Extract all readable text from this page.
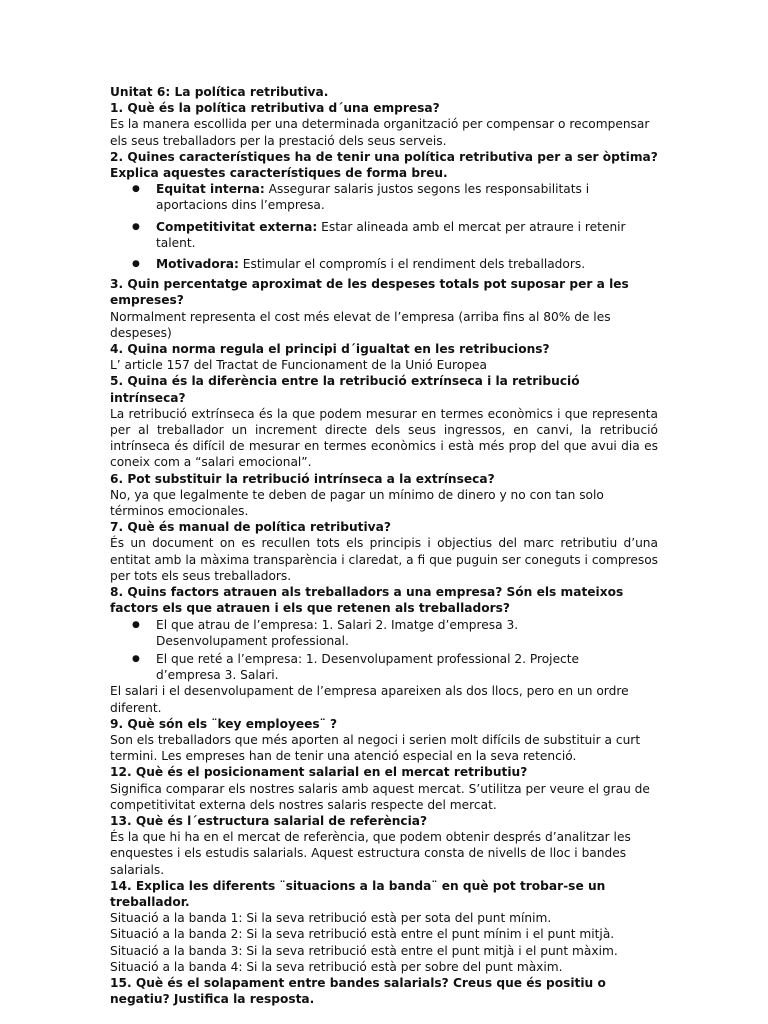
Unitat 6: La política retributiva.

1. Què és la política retributiva d´una empresa?

Es la manera escollida per una determinada organització per compensar o recompensar els seus treballadors per la prestació dels seus serveis.

2. Quines característiques ha de tenir una política retributiva per a ser òptima? Explica aquestes característiques de forma breu.

● Equitat interna: Assegurar salaris justos segons les responsabilitats i aportacions dins l’empresa.
● Competitivitat externa: Estar alineada amb el mercat per atraure i retenir talent.
● Motivadora: Estimular el compromís i el rendiment dels treballadors.

3. Quin percentatge aproximat de les despeses totals pot suposar per a les empreses?

Normalment representa el cost més elevat de l’empresa (arriba fins al 80% de les despeses)

4. Quina norma regula el principi d´igualtat en les retribucions?

L’ article 157 del Tractat de Funcionament de la Unió Europea

5. Quina és la diferència entre la retribució extrínseca i la retribució intrínseca?

La retribució extrínseca és la que podem mesurar en termes econòmics i que representa per al treballador un increment directe dels seus ingressos, en canvi, la retribució intrínseca és difícil de mesurar en termes econòmics i està més prop del que avui dia es coneix com a “salari emocional”.

6. Pot substituir la retribució intrínseca a la extrínseca?

No, ya que legalmente te deben de pagar un mínimo de dinero y no con tan solo términos emocionales.

7. Què és manual de política retributiva?

És un document on es recullen tots els principis i objectius del marc retributiu d’una entitat amb la màxima transparència i claredat, a fi que puguin ser coneguts i compresos per tots els seus treballadors.

8. Quins factors atrauen als treballadors a una empresa? Són els mateixos factors els que atrauen i els que retenen als treballadors?

● El que atrau de l’empresa: 1. Salari 2. Imatge d’empresa 3. Desenvolupament professional.
● El que reté a l’empresa: 1. Desenvolupament professional 2. Projecte d’empresa 3. Salari.

El salari i el desenvolupament de l’empresa apareixen als dos llocs, pero en un ordre diferent.

9. Què són els ¨key employees¨ ?

Son els treballadors que més aporten al negoci i serien molt difícils de substituir a curt termini. Les empreses han de tenir una atenció especial en la seva retenció.

12. Què és el posicionament salarial en el mercat retributiu?

Significa comparar els nostres salaris amb aquest mercat. S’utilitza per veure el grau de competitivitat externa dels nostres salaris respecte del mercat.

13. Què és l´estructura salarial de referència?

És la que hi ha en el mercat de referència, que podem obtenir després d’analitzar les enquestes i els estudis salarials. Aquest estructura consta de nivells de lloc i bandes salarials.

14. Explica les diferents ¨situacions a la banda¨ en què pot trobar-se un treballador.

Situació a la banda 1: Si la seva retribució està per sota del punt mínim.

Situació a la banda 2: Si la seva retribució està entre el punt mínim i el punt mitjà.

Situació a la banda 3: Si la seva retribució està entre el punt mitjà i el punt màxim.

Situació a la banda 4: Si la seva retribució està per sobre del punt màxim.

15. Què és el solapament entre bandes salarials? Creus que és positiu o negatiu? Justifica la resposta.
